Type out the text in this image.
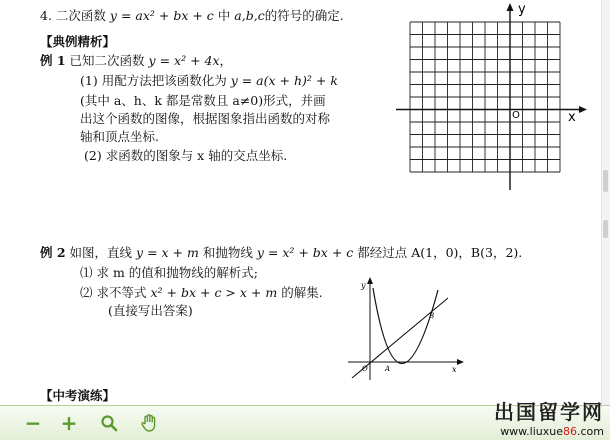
4. 二次函数 y = ax² + bx + c 中 a,b,c的符号的确定.
【典例精析】
例 1 已知二次函数 y = x² + 4x，
(1) 用配方法把该函数化为 y = a(x + h)² + k
(其中 a、h、k 都是常数且 a≠0)形式，并画
出这个函数的图像，根据图象指出函数的对称
轴和顶点坐标.
(2) 求函数的图象与 x 轴的交点坐标.
x
y
O
例 2 如图，直线 y = x + m 和抛物线 y = x² + bx + c 都经过点 A(1，0)，B(3，2).
⑴ 求 m 的值和抛物线的解析式;
⑵ 求不等式 x² + bx + c > x + m 的解集.
(直接写出答案)
y
x
O A
B
【中考演练】
− +	出国留学网
www.liuxue86.com
